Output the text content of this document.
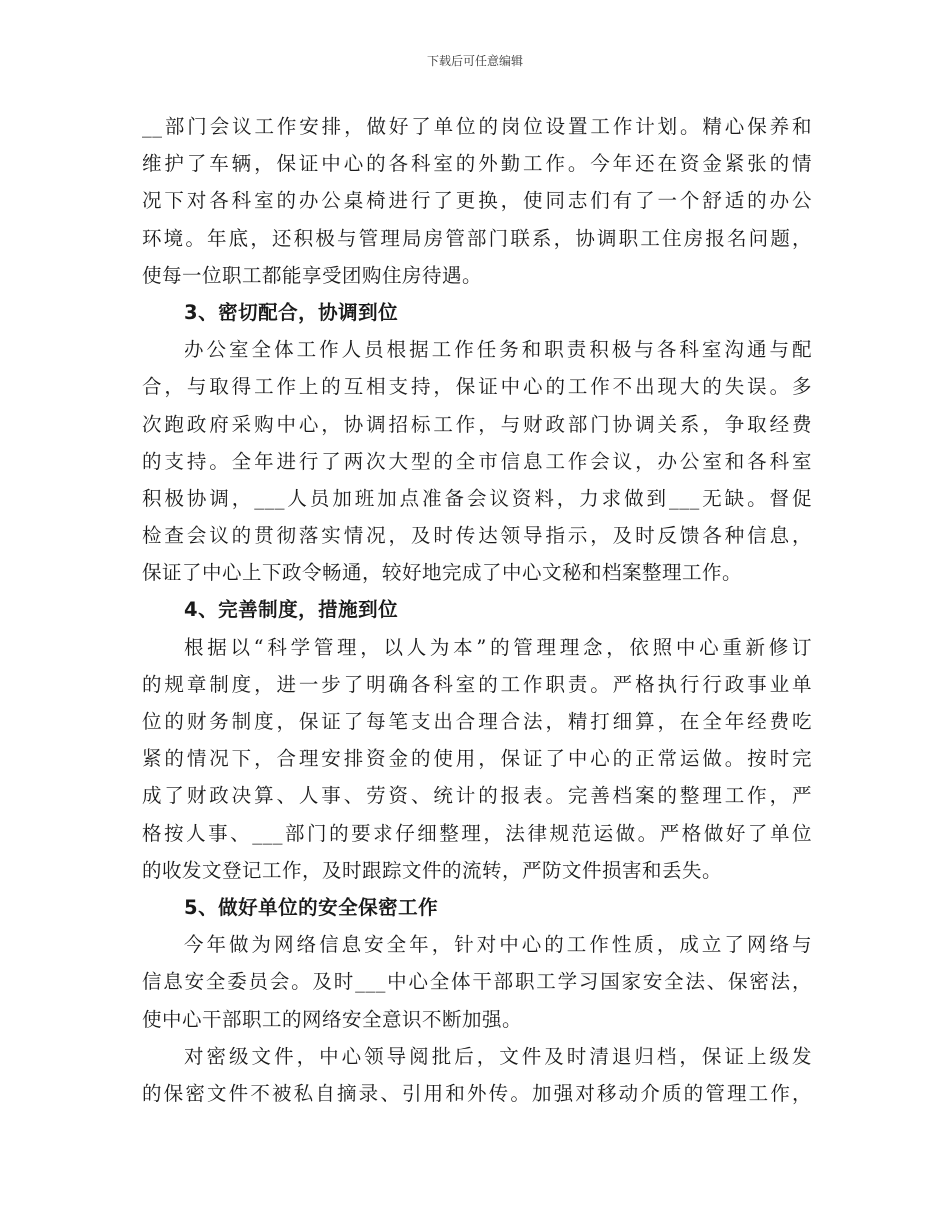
下载后可任意编辑
__部门会议工作安排，做好了单位的岗位设置工作计划。精心保养和
维护了车辆，保证中心的各科室的外勤工作。今年还在资金紧张的情
况下对各科室的办公桌椅进行了更换，使同志们有了一个舒适的办公
环境。年底，还积极与管理局房管部门联系，协调职工住房报名问题，
使每一位职工都能享受团购住房待遇。
3、密切配合，协调到位
办公室全体工作人员根据工作任务和职责积极与各科室沟通与配
合，与取得工作上的互相支持，保证中心的工作不出现大的失误。多
次跑政府采购中心，协调招标工作，与财政部门协调关系，争取经费
的支持。全年进行了两次大型的全市信息工作会议，办公室和各科室
积极协调，___人员加班加点准备会议资料，力求做到___无缺。督促
检查会议的贯彻落实情况，及时传达领导指示，及时反馈各种信息，
保证了中心上下政令畅通，较好地完成了中心文秘和档案整理工作。
4、完善制度，措施到位
根据以“科学管理，以人为本”的管理理念，依照中心重新修订
的规章制度，进一步了明确各科室的工作职责。严格执行行政事业单
位的财务制度，保证了每笔支出合理合法，精打细算，在全年经费吃
紧的情况下，合理安排资金的使用，保证了中心的正常运做。按时完
成了财政决算、人事、劳资、统计的报表。完善档案的整理工作，严
格按人事、___部门的要求仔细整理，法律规范运做。严格做好了单位
的收发文登记工作，及时跟踪文件的流转，严防文件损害和丢失。
5、做好单位的安全保密工作
今年做为网络信息安全年，针对中心的工作性质，成立了网络与
信息安全委员会。及时___中心全体干部职工学习国家安全法、保密法，
使中心干部职工的网络安全意识不断加强。
对密级文件，中心领导阅批后，文件及时清退归档，保证上级发
的保密文件不被私自摘录、引用和外传。加强对移动介质的管理工作，
